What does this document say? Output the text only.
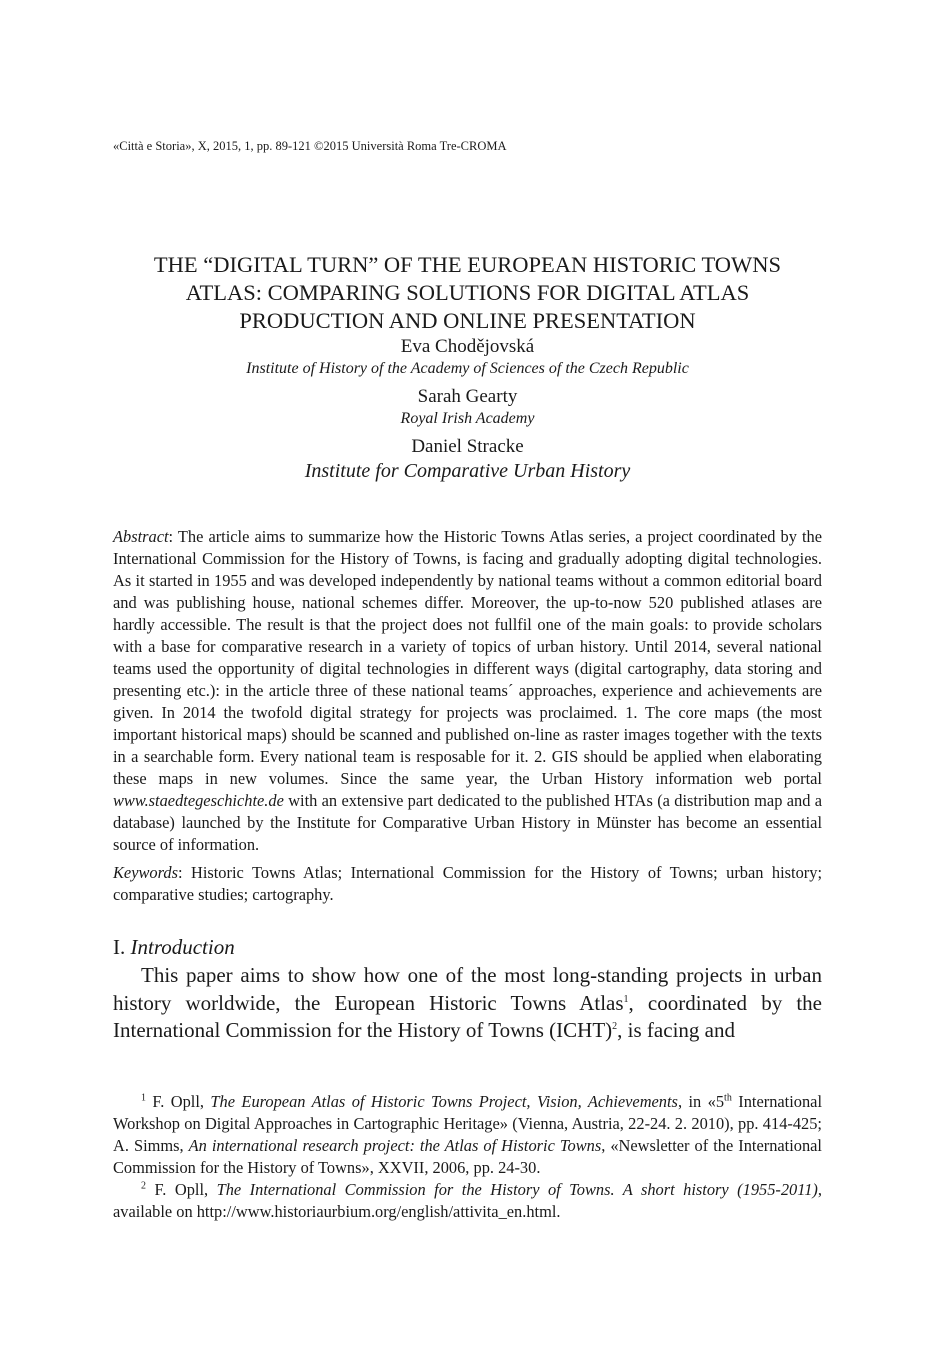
«Città e Storia», X, 2015, 1, pp. 89-121 ©2015 Università Roma Tre-CROMA

THE “DIGITAL TURN” OF THE EUROPEAN HISTORIC TOWNS

ATLAS: COMPARING SOLUTIONS FOR DIGITAL ATLAS

PRODUCTION AND ONLINE PRESENTATION

Eva Chodějovská

Institute of History of the Academy of Sciences of the Czech Republic

Sarah Gearty

Royal Irish Academy

Daniel Stracke

Institute for Comparative Urban History

Abstract: The article aims to summarize how the Historic Towns Atlas series, a project coordinated by the International Commission for the History of Towns, is facing and gradually adopting digital technologies. As it started in 1955 and was developed independently by national teams without a common editorial board and was publishing house, national schemes differ. Moreover, the up-to-now 520 published atlases are hardly accessible. The result is that the project does not fullfil one of the main goals: to provide scholars with a base for comparative research in a variety of topics of urban history. Until 2014, several national teams used the opportunity of digital technologies in different ways (digital cartography, data storing and presenting etc.): in the article three of these national teams´ approaches, experience and achievements are given. In 2014 the twofold digital strategy for projects was proclaimed. 1. The core maps (the most important historical maps) should be scanned and published on-line as raster images together with the texts in a searchable form. Every national team is resposable for it. 2. GIS should be applied when elaborating these maps in new volumes. Since the same year, the Urban History information web portal www.staedtegeschichte.de with an extensive part dedicated to the published HTAs (a distribution map and a database) launched by the Institute for Comparative Urban History in Münster has become an essential source of information.

Keywords: Historic Towns Atlas; International Commission for the History of Towns; urban history; comparative studies; cartography.

I. Introduction

This paper aims to show how one of the most long-standing projects in urban history worldwide, the European Historic Towns Atlas$^1$, coordinated by the International Commission for the History of Towns (ICHT)$^2$, is facing and

$^1$ F. Opll, The European Atlas of Historic Towns Project, Vision, Achievements, in «5th International Workshop on Digital Approaches in Cartographic Heritage» (Vienna, Austria, 22-24. 2. 2010), pp. 414-425; A. Simms, An international research project: the Atlas of Historic Towns, «Newsletter of the International Commission for the History of Towns», XXVII, 2006, pp. 24-30.

$^2$ F. Opll, The International Commission for the History of Towns. A short history (1955-2011), available on http://www.historiaurbium.org/english/attivita_en.html.
